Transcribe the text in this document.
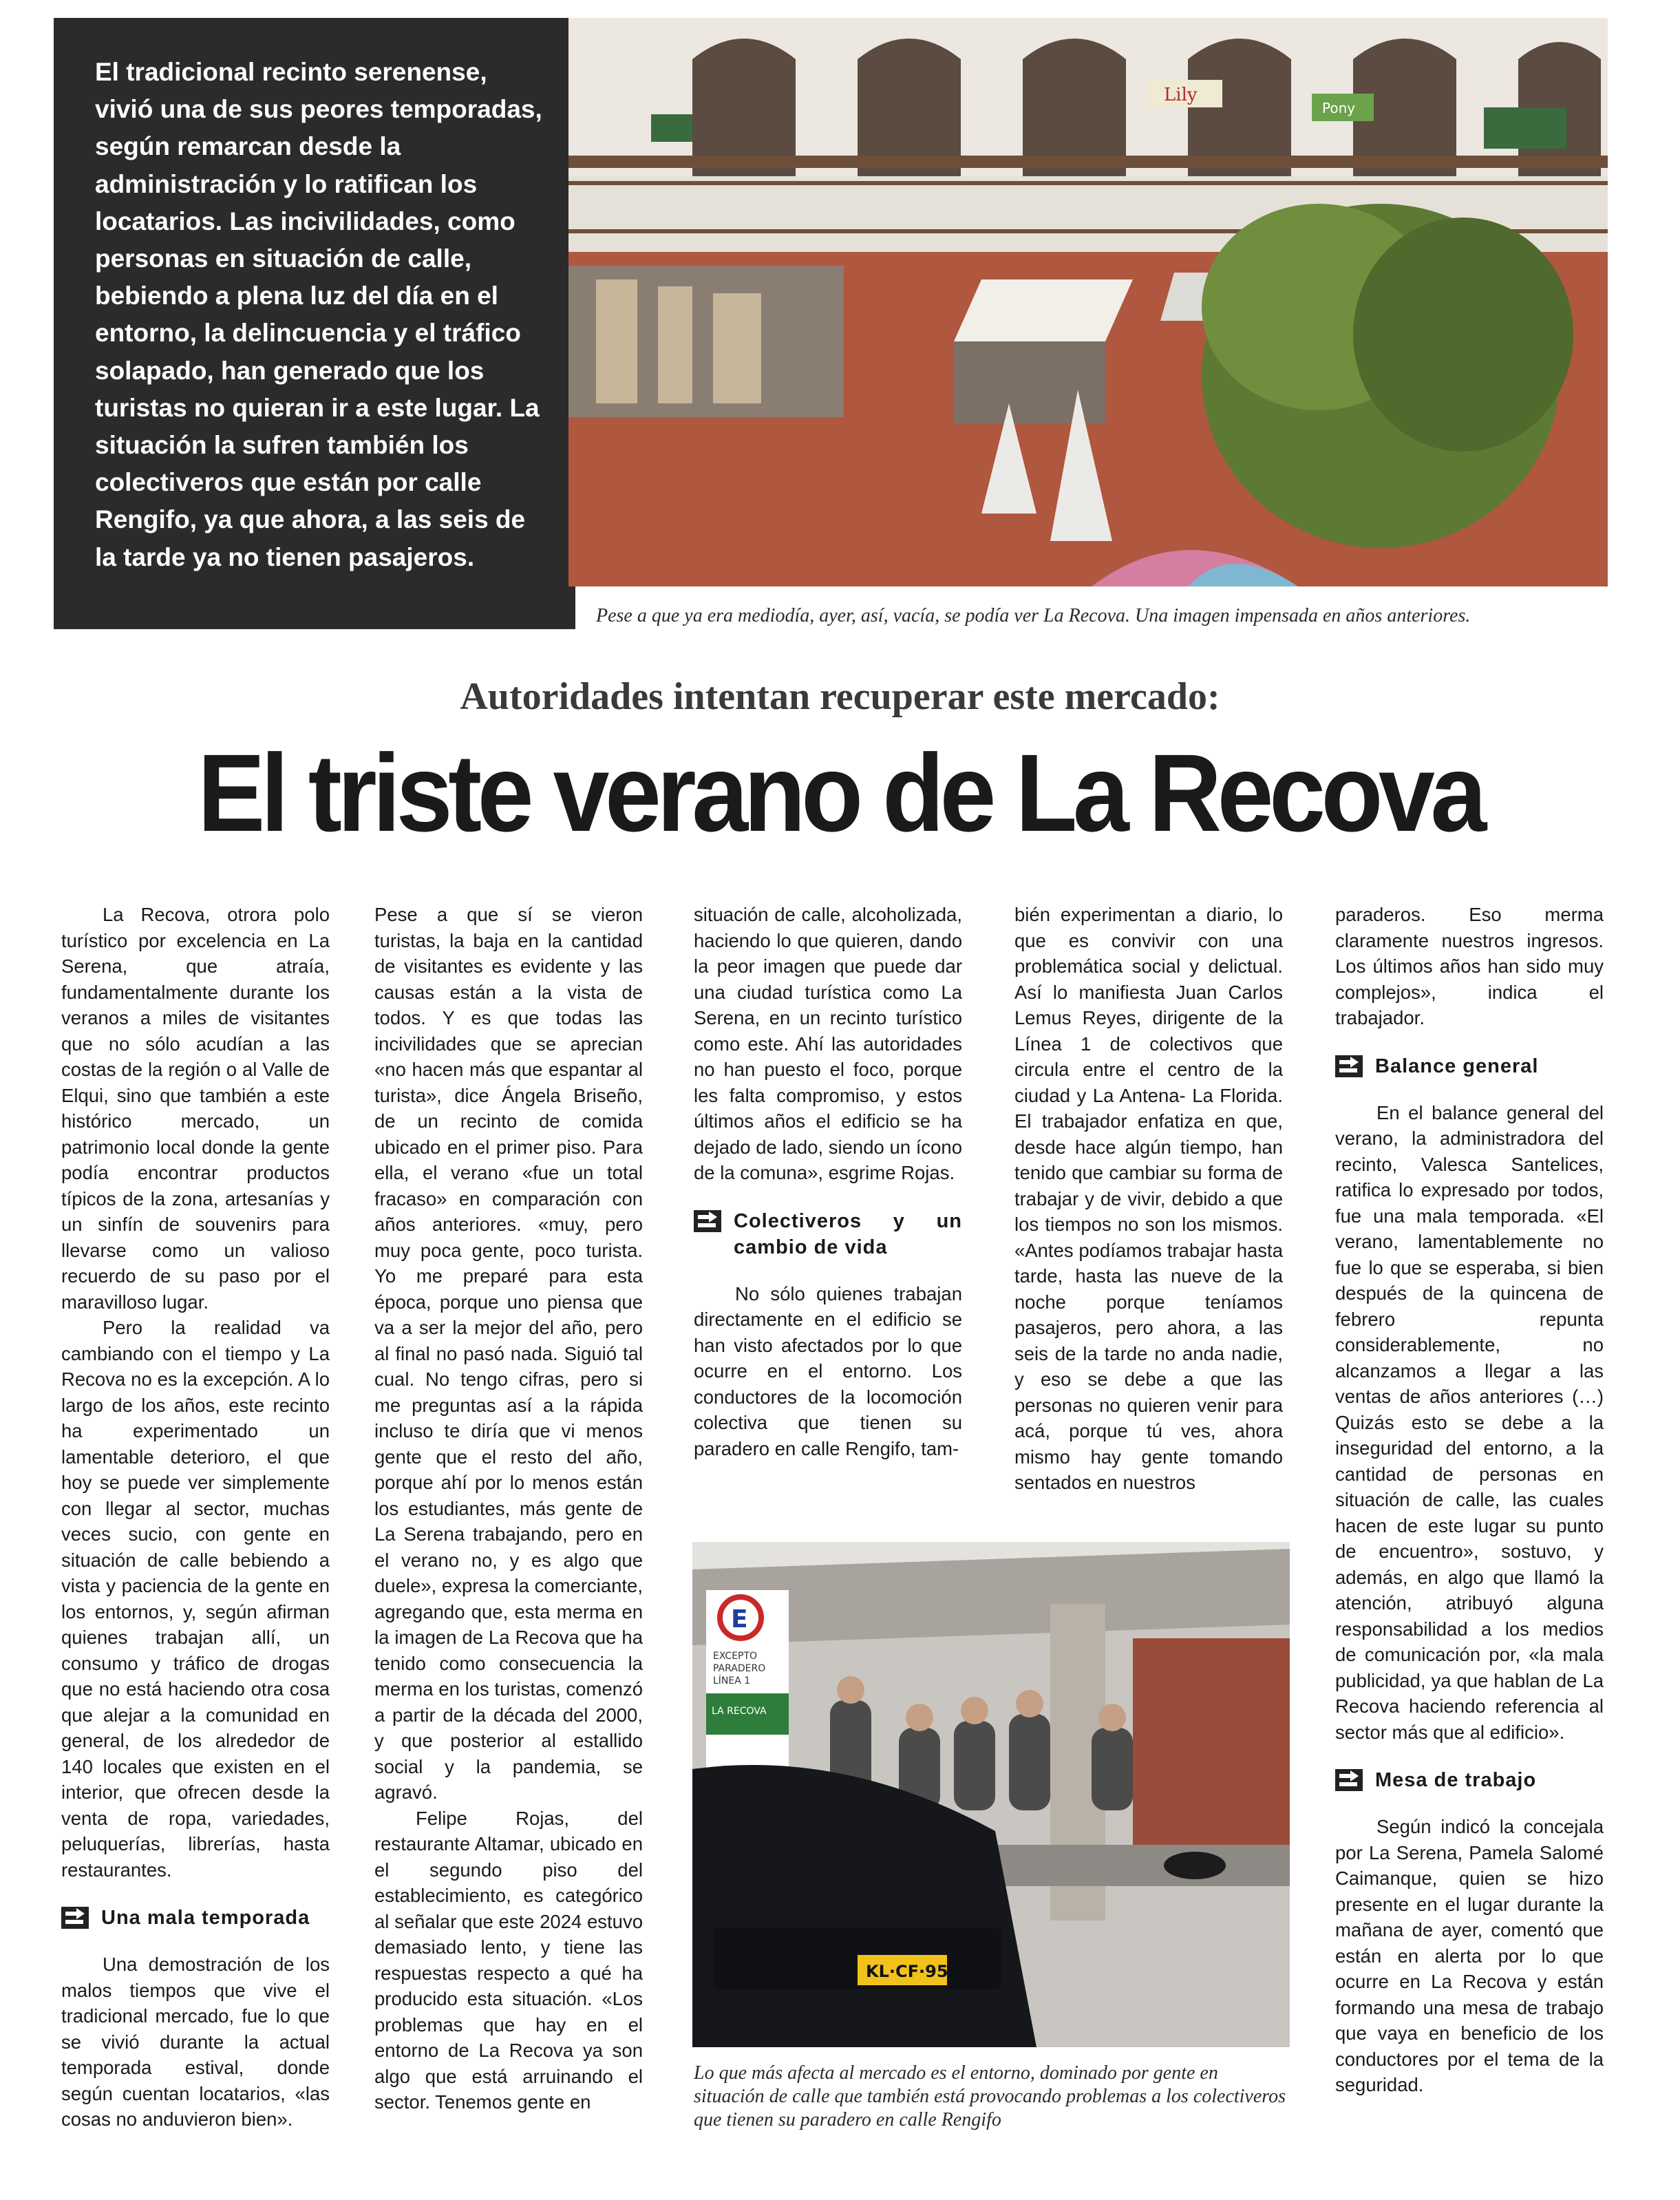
El tradicional recinto serenense, vivió una de sus peores temporadas, según remarcan desde la administración y lo ratifican los locatarios. Las incivilidades, como personas en situación de calle, bebiendo a plena luz del día en el entorno, la delincuencia y el tráfico solapado, han generado que los turistas no quieran ir a este lugar. La situación la sufren también los colectiveros que están por calle Rengifo, ya que ahora, a las seis de la tarde ya no tienen pasajeros.
Lily
Pony
Pese a que ya era mediodía, ayer, así, vacía, se podía ver La Recova. Una imagen impensada en años anteriores.
Autoridades intentan recuperar este mercado:
El triste verano de La Recova

La Recova, otrora polo turístico por excelencia en La Serena, que atraía, fundamentalmente durante los veranos a miles de visitantes que no sólo acudían a las costas de la región o al Valle de Elqui, sino que también a este histórico mercado, un patrimonio local donde la gente podía encontrar productos típicos de la zona, artesanías y un sinfín de souvenirs para llevarse como un valioso recuerdo de su paso por el maravilloso lugar.

Pero la realidad va cambiando con el tiempo y La Recova no es la excepción. A lo largo de los años, este recinto ha experimentado un lamentable deterioro, el que hoy se puede ver simplemente con llegar al sector, muchas veces sucio, con gente en situación de calle bebiendo a vista y paciencia de la gente en los entornos, y, según afirman quienes trabajan allí, un consumo y tráfico de drogas que no está haciendo otra cosa que alejar a la comunidad en general, de los alrededor de 140 locales que existen en el interior, que ofrecen desde la venta de ropa, variedades, peluquerías, librerías, hasta restaurantes.

Una mala temporada

Una demostración de los malos tiempos que vive el tradicional mercado, fue lo que se vivió durante la actual temporada estival, donde según cuentan locatarios, «las cosas no anduvieron bien».

Pese a que sí se vieron turistas, la baja en la cantidad de visitantes es evidente y las causas están a la vista de todos. Y es que todas las incivilidades que se aprecian «no hacen más que espantar al turista», dice Ángela Briseño, de un recinto de comida ubicado en el primer piso. Para ella, el verano «fue un total fracaso» en comparación con años anteriores. «muy, pero muy poca gente, poco turista. Yo me preparé para esta época, porque uno piensa que va a ser la mejor del año, pero al final no pasó nada. Siguió tal cual. No tengo cifras, pero si me preguntas así a la rápida incluso te diría que vi menos gente que el resto del año, porque ahí por lo menos están los estudiantes, más gente de La Serena trabajando, pero en el verano no, y es algo que duele», expresa la comerciante, agregando que, esta merma en la imagen de La Recova que ha tenido como consecuencia la merma en los turistas, comenzó a partir de la década del 2000, y que posterior al estallido social y la pandemia, se agravó.

Felipe Rojas, del restaurante Altamar, ubicado en el segundo piso del establecimiento, es categórico al señalar que este 2024 estuvo demasiado lento, y tiene las respuestas respecto a qué ha producido esta situación. «Los problemas que hay en el entorno de La Recova ya son algo que está arruinando el sector. Tenemos gente en

situación de calle, alcoholizada, haciendo lo que quieren, dando la peor imagen que puede dar una ciudad turística como La Serena, en un recinto turístico como este. Ahí las autoridades no han puesto el foco, porque les falta compromiso, y estos últimos años el edificio se ha dejado de lado, siendo un ícono de la comuna», esgrime Rojas.

Colectiveros y un cambio de vida

No sólo quienes trabajan directamente en el edificio se han visto afectados por lo que ocurre en el entorno. Los conductores de la locomoción colectiva que tienen su paradero en calle Rengifo, tam-

bién experimentan a diario, lo que es convivir con una problemática social y delictual. Así lo manifiesta Juan Carlos Lemus Reyes, dirigente de la Línea 1 de colectivos que circula entre el centro de la ciudad y La Antena- La Florida. El trabajador enfatiza en que, desde hace algún tiempo, han tenido que cambiar su forma de trabajar y de vivir, debido a que los tiempos no son los mismos. «Antes podíamos trabajar hasta tarde, hasta las nueve de la noche porque teníamos pasajeros, pero ahora, a las seis de la tarde no anda nadie, y eso se debe a que las personas no quieren venir para acá, porque tú ves, ahora mismo hay gente tomando sentados en nuestros

paraderos. Eso merma claramente nuestros ingresos. Los últimos años han sido muy complejos», indica el trabajador.

Balance general

En el balance general del verano, la administradora del recinto, Valesca Santelices, ratifica lo expresado por todos, fue una mala temporada. «El verano, lamentablemente no fue lo que se esperaba, si bien después de la quincena de febrero repunta considerablemente, no alcanzamos a llegar a las ventas de años anteriores (…) Quizás esto se debe a la inseguridad del entorno, a la cantidad de personas en situación de calle, las cuales hacen de este lugar su punto de encuentro», sostuvo, y además, en algo que llamó la atención, atribuyó alguna responsabilidad a los medios de comunicación por, «la mala publicidad, ya que hablan de La Recova haciendo referencia al sector más que al edificio».

Mesa de trabajo

Según indicó la concejala por La Serena, Pamela Salomé Caimanque, quien se hizo presente en el lugar durante la mañana de ayer, comentó que están en alerta por lo que ocurre en La Recova y están formando una mesa de trabajo que vaya en beneficio de los conductores por el tema de la seguridad.

E
EXCEPTO
PARADERO
LÍNEA 1
LA RECOVA
KL·CF·95
Lo que más afecta al mercado es el entorno, dominado por gente en situación de calle que también está provocando problemas a los colectiveros que tienen su paradero en calle Rengifo
